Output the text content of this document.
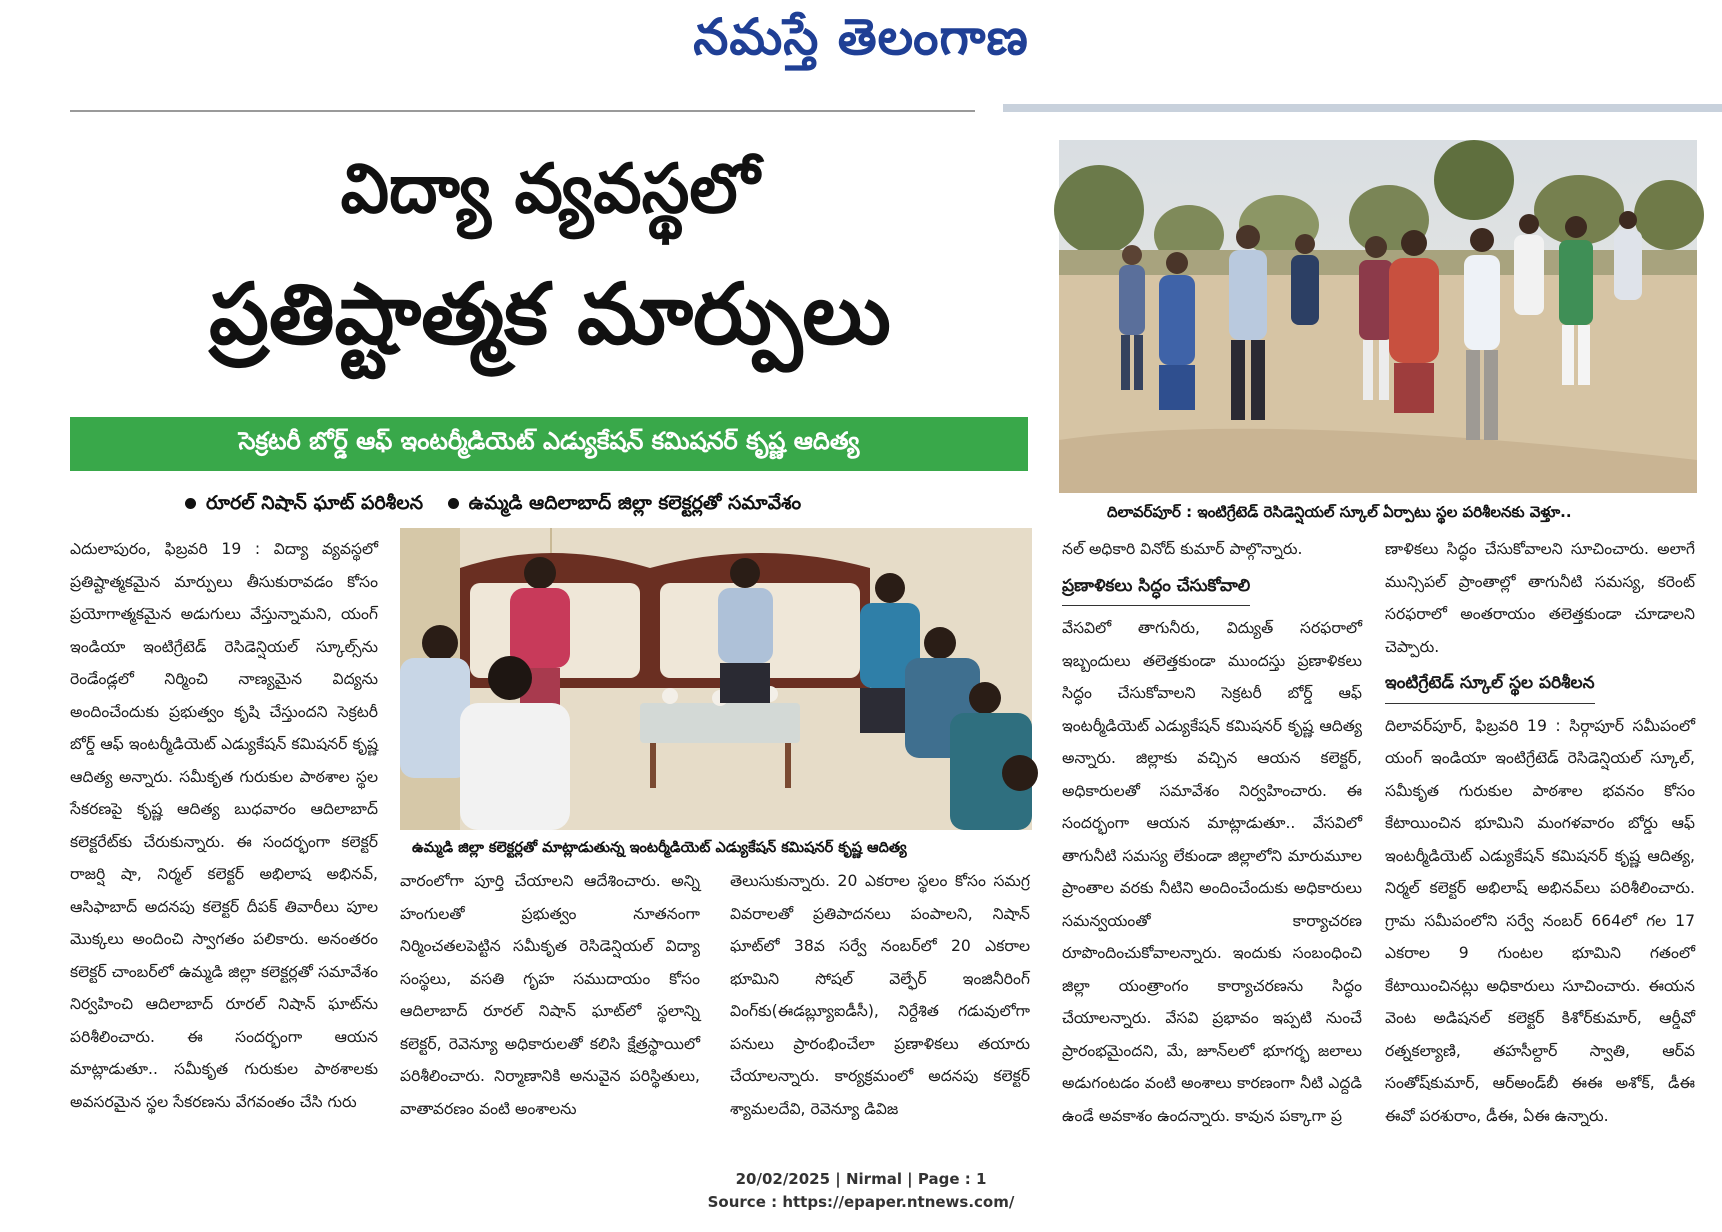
నమస్తే తెలంగాణ
విద్యా వ్యవస్థలో
ప్రతిష్టాత్మక మార్పులు
సెక్రటరీ బోర్డ్ ఆఫ్ ఇంటర్మీడియెట్ ఎడ్యుకేషన్ కమిషనర్ కృష్ణ ఆదిత్య
రూరల్ నిషాన్ ఘాట్ పరిశీలన ఉమ్మడి ఆదిలాబాద్ జిల్లా కలెక్టర్లతో సమావేశం	దిలావర్‌పూర్ : ఇంటిగ్రేటెడ్ రెసిడెన్షియల్ స్కూల్ ఏర్పాటు స్థల పరిశీలనకు వెళ్తూ..
ఉమ్మడి జిల్లా కలెక్టర్లతో మాట్లాడుతున్న ఇంటర్మీడియెట్ ఎడ్యుకేషన్ కమిషనర్ కృష్ణ ఆదిత్య

ఎదులాపురం, ఫిబ్రవరి 19 : విద్యా వ్యవస్థలో ప్రతిష్టాత్మకమైన మార్పులు తీసుకురావడం కోసం ప్రయోగాత్మకమైన అడుగులు వేస్తున్నామని, యంగ్ ఇండియా ఇంటిగ్రేటెడ్ రెసిడెన్షియల్ స్కూల్స్‌ను రెండేండ్లలో నిర్మించి నాణ్యమైన విద్యను అందించేందుకు ప్రభుత్వం కృషి చేస్తుందని సెక్రటరీ బోర్డ్ ఆఫ్ ఇంటర్మీడియెట్ ఎడ్యుకేషన్ కమిషనర్ కృష్ణ ఆదిత్య అన్నారు. సమీకృత గురుకుల పాఠశాల స్థల సేకరణపై కృష్ణ ఆదిత్య బుధవారం ఆదిలాబాద్ కలెక్టరేట్‌కు చేరుకున్నారు. ఈ సందర్భంగా కలెక్టర్ రాజర్షి షా, నిర్మల్ కలెక్టర్ అభిలాష అభినవ్, ఆసిఫాబాద్ అదనపు కలెక్టర్ దీపక్ తివారీలు పూల మొక్కలు అందించి స్వాగతం పలికారు. అనంతరం కలెక్టర్ చాంబర్‌లో ఉమ్మడి జిల్లా కలెక్టర్లతో సమావేశం నిర్వహించి ఆదిలాబాద్ రూరల్ నిషాన్ ఘాట్‌ను పరిశీలించారు. ఈ సందర్భంగా ఆయన మాట్లాడుతూ.. సమీకృత గురుకుల పాఠశాలకు అవసరమైన స్థల సేకరణను వేగవంతం చేసి గురు

వారంలోగా పూర్తి చేయాలని ఆదేశించారు. అన్ని హంగులతో ప్రభుత్వం నూతనంగా నిర్మించతలపెట్టిన సమీకృత రెసిడెన్షియల్ విద్యా సంస్థలు, వసతి గృహ సముదాయం కోసం ఆదిలాబాద్ రూరల్ నిషాన్ ఘాట్‌లో స్థలాన్ని కలెక్టర్, రెవెన్యూ అధికారులతో కలిసి క్షేత్రస్థాయిలో పరిశీలించారు. నిర్మాణానికి అనువైన పరిస్థితులు, వాతావరణం వంటి అంశాలను

తెలుసుకున్నారు. 20 ఎకరాల స్థలం కోసం సమగ్ర వివరాలతో ప్రతిపాదనలు పంపాలని, నిషాన్ ఘాట్‌లో 38వ సర్వే నంబర్‌లో 20 ఎకరాల భూమిని సోషల్ వెల్ఫేర్ ఇంజినీరింగ్ వింగ్‌కు(ఈడబ్ల్యూఐడీసీ), నిర్దేశిత గడువులోగా పనులు ప్రారంభించేలా ప్రణాళికలు తయారు చేయాలన్నారు. కార్యక్రమంలో అదనపు కలెక్టర్ శ్యామలదేవి, రెవెన్యూ డివిజ

నల్ అధికారి వినోద్ కుమార్ పాల్గొన్నారు.

ప్రణాళికలు సిద్ధం చేసుకోవాలి

వేసవిలో తాగునీరు, విద్యుత్ సరఫరాలో ఇబ్బందులు తలెత్తకుండా ముందస్తు ప్రణాళికలు సిద్ధం చేసుకోవాలని సెక్రటరీ బోర్డ్ ఆఫ్ ఇంటర్మీడియెట్ ఎడ్యుకేషన్ కమిషనర్ కృష్ణ ఆదిత్య అన్నారు. జిల్లాకు వచ్చిన ఆయన కలెక్టర్, అధికారులతో సమావేశం నిర్వహించారు. ఈ సందర్భంగా ఆయన మాట్లాడుతూ.. వేసవిలో తాగునీటి సమస్య లేకుండా జిల్లాలోని మారుమూల ప్రాంతాల వరకు నీటిని అందించేందుకు అధికారులు సమన్వయంతో కార్యాచరణ రూపొందించుకోవాలన్నారు. ఇందుకు సంబంధించి జిల్లా యంత్రాంగం కార్యాచరణను సిద్ధం చేయాలన్నారు. వేసవి ప్రభావం ఇప్పటి నుంచే ప్రారంభమైందని, మే, జూన్‌లలో భూగర్భ జలాలు అడుగంటడం వంటి అంశాలు కారణంగా నీటి ఎద్దడి ఉండే అవకాశం ఉందన్నారు. కావున పక్కాగా ప్ర

ణాళికలు సిద్ధం చేసుకోవాలని సూచించారు. అలాగే మున్సిపల్ ప్రాంతాల్లో తాగునీటి సమస్య, కరెంట్ సరఫరాలో అంతరాయం తలెత్తకుండా చూడాలని చెప్పారు.

ఇంటిగ్రేటెడ్ స్కూల్ స్థల పరిశీలన

దిలావర్‌పూర్, ఫిబ్రవరి 19 : సిర్గాపూర్ సమీపంలో యంగ్ ఇండియా ఇంటిగ్రేటెడ్ రెసిడెన్షియల్ స్కూల్, సమీకృత గురుకుల పాఠశాల భవనం కోసం కేటాయించిన భూమిని మంగళవారం బోర్డు ఆఫ్ ఇంటర్మీడియెట్ ఎడ్యుకేషన్ కమిషనర్ కృష్ణ ఆదిత్య, నిర్మల్ కలెక్టర్ అభిలాష్ అభినవ్‌లు పరిశీలించారు. గ్రామ సమీపంలోని సర్వే నంబర్ 664లో గల 17 ఎకరాల 9 గుంటల భూమిని గతంలో కేటాయించినట్లు అధికారులు సూచించారు. ఈయన వెంట అడిషనల్ కలెక్టర్ కిశోర్‌కుమార్, ఆర్డీవో రత్నకల్యాణి, తహసీల్దార్ స్వాతి, ఆర్‌వ సంతోష్‌కుమార్, ఆర్‌అండ్‌బీ ఈఈ అశోక్, డీఈ ఈవో పరశురాం, డీఈ, ఏఈ ఉన్నారు.

20/02/2025 | Nirmal | Page : 1
Source : https://epaper.ntnews.com/
